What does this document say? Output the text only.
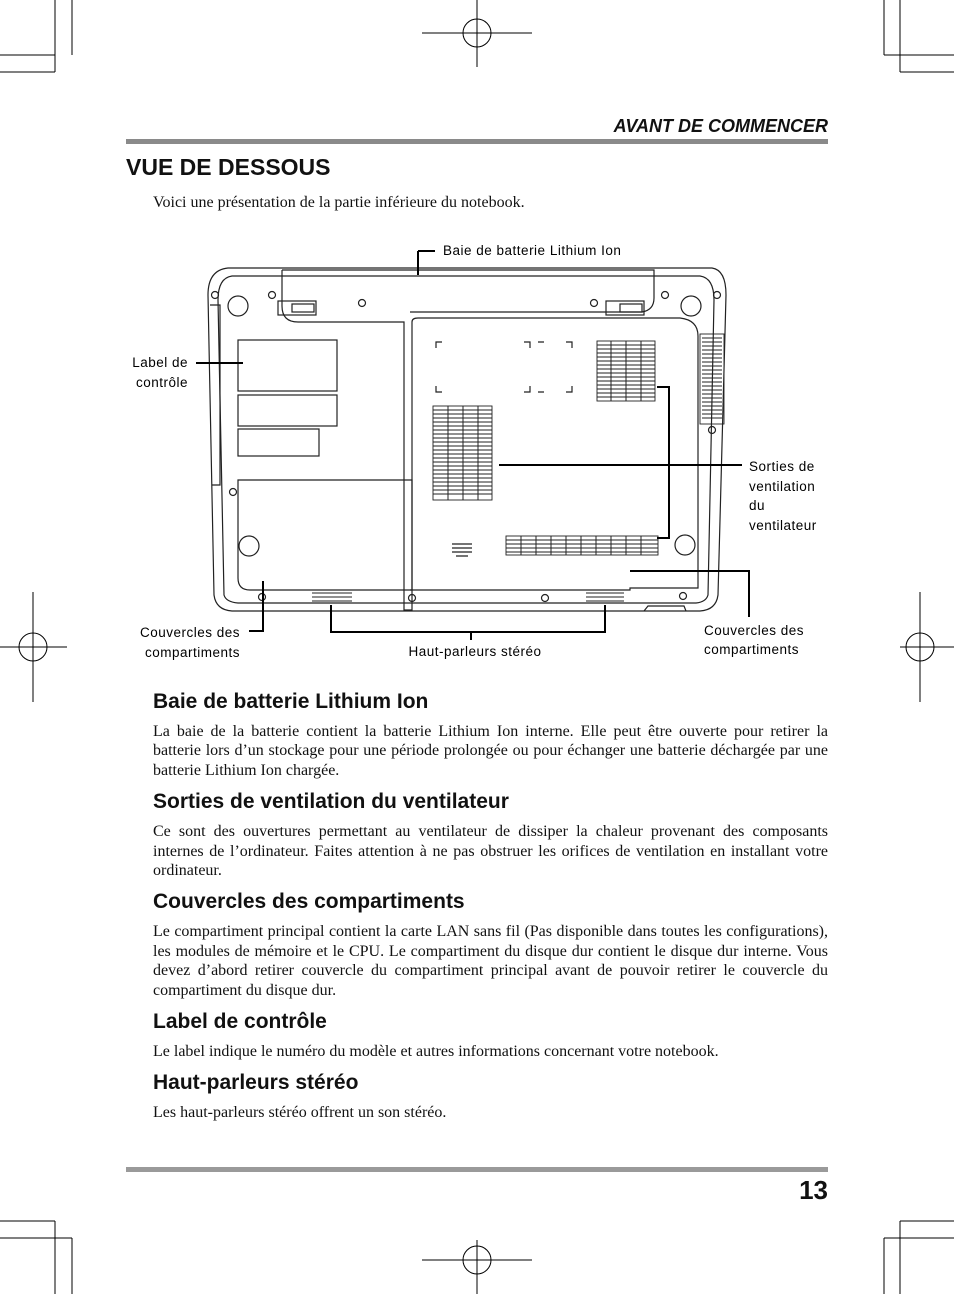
AVANT DE COMMENCER
VUE DE DESSOUS
Voici une présentation de la partie inférieure du notebook.
Baie de batterie Lithium Ion
Label de
contrôle
Sorties de
ventilation
du
ventilateur
Couvercles des
compartiments	Haut-parleurs stéréo
Couvercles des
compartiments
Baie de batterie Lithium Ion

La baie de la batterie contient la batterie Lithium Ion interne. Elle peut être ouverte pour retirer la batterie lors d’un stockage pour une période prolongée ou pour échanger une batterie déchargée par une batterie Lithium Ion chargée.

Sorties de ventilation du ventilateur

Ce sont des ouvertures permettant au ventilateur de dissiper la chaleur provenant des composants internes de l’ordinateur. Faites attention à ne pas obstruer les orifices de ventilation en installant votre ordinateur.

Couvercles des compartiments

Le compartiment principal contient la carte LAN sans fil (Pas disponible dans toutes les configurations), les modules de mémoire et le CPU. Le compartiment du disque dur contient le disque dur interne. Vous devez d’abord retirer couvercle du compartiment principal avant de pouvoir retirer le couvercle du compartiment du disque dur.

Label de contrôle

Le label indique le numéro du modèle et autres informations concernant votre notebook.

Haut-parleurs stéréo

Les haut-parleurs stéréo offrent un son stéréo.

13
